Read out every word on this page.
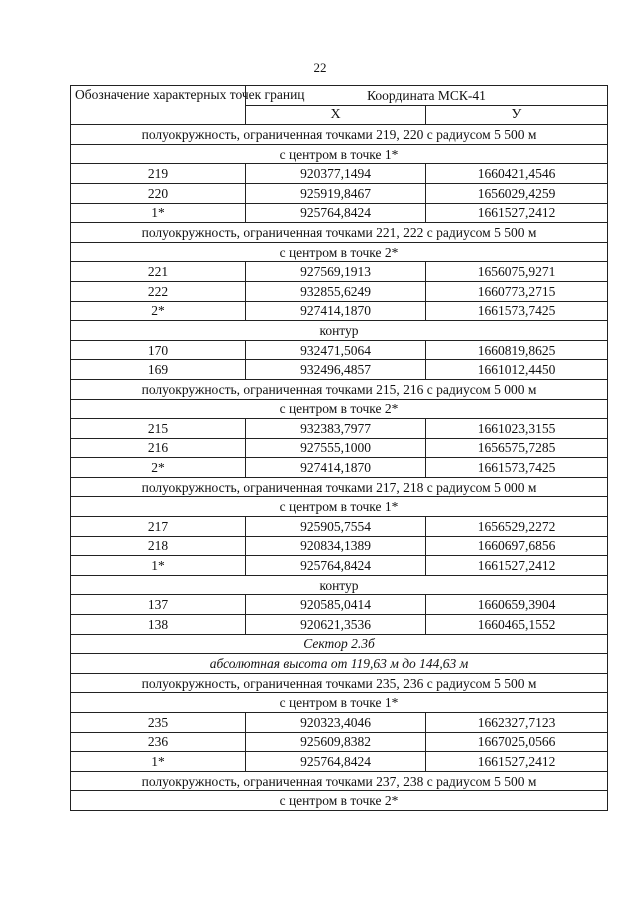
22
Обозначение характерных точек границ	Координата МСК-41	
	X	У
полуокружность, ограниченная точками 219, 220 с радиусом 5 500 м		
с центром в точке 1*		
219	920377,1494	1660421,4546
220	925919,8467	1656029,4259
1*	925764,8424	1661527,2412
полуокружность, ограниченная точками 221, 222 с радиусом 5 500 м		
с центром в точке 2*		
221	927569,1913	1656075,9271
222	932855,6249	1660773,2715
2*	927414,1870	1661573,7425
контур		
170	932471,5064	1660819,8625
169	932496,4857	1661012,4450
полуокружность, ограниченная точками 215, 216 с радиусом 5 000 м		
с центром в точке 2*		
215	932383,7977	1661023,3155
216	927555,1000	1656575,7285
2*	927414,1870	1661573,7425
полуокружность, ограниченная точками 217, 218 с радиусом 5 000 м		
с центром в точке 1*		
217	925905,7554	1656529,2272
218	920834,1389	1660697,6856
1*	925764,8424	1661527,2412
контур		
137	920585,0414	1660659,3904
138	920621,3536	1660465,1552
Сектор 2.3б		
абсолютная высота от 119,63 м до 144,63 м		
полуокружность, ограниченная точками 235, 236 с радиусом 5 500 м		
с центром в точке 1*		
235	920323,4046	1662327,7123
236	925609,8382	1667025,0566
1*	925764,8424	1661527,2412
полуокружность, ограниченная точками 237, 238 с радиусом 5 500 м		
с центром в точке 2*		
